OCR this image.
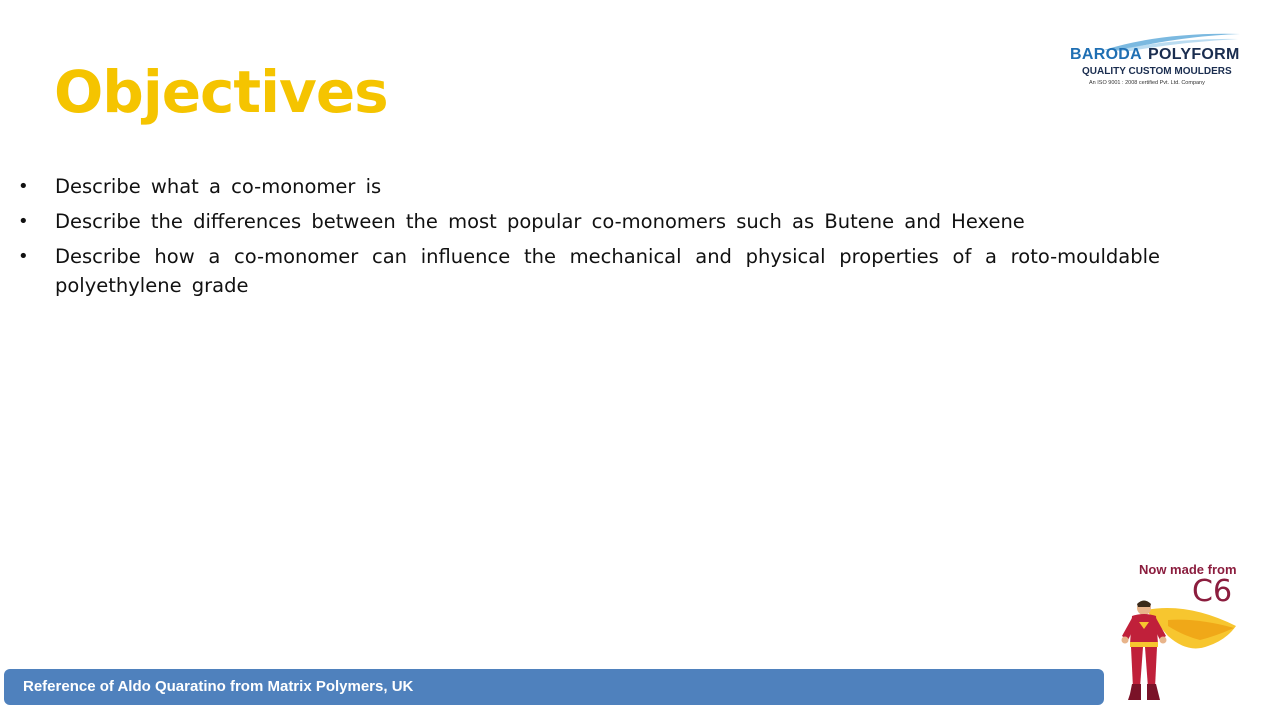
Objectives
BARODA POLYFORM
QUALITY CUSTOM MOULDERS
An ISO 9001 : 2008 certified Pvt. Ltd. Company
• Describe what a co-monomer is
• Describe the differences between the most popular co-monomers such as Butene and Hexene
• Describe how a co-monomer can influence the mechanical and physical properties of a roto-mouldable polyethylene grade
Now made from
C6
Reference of Aldo Quaratino from Matrix Polymers, UK
